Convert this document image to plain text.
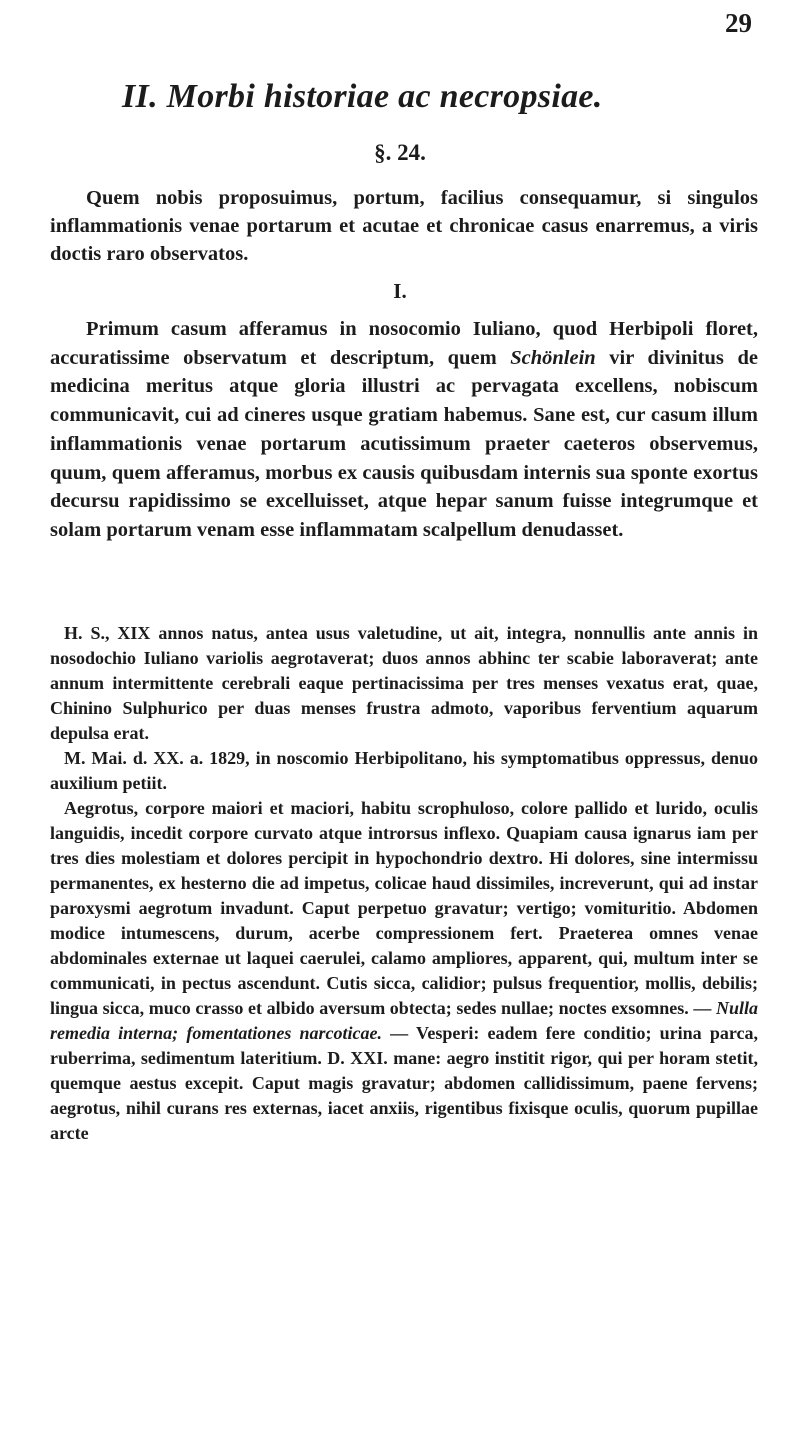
29
II. Morbi historiae ac necropsiae.
§. 24.

Quem nobis proposuimus, portum, facilius consequamur, si singulos inflammationis venae portarum et acutae et chronicae casus enarremus, a viris doctis raro observatos.

I.

Primum casum afferamus in nosocomio Iuliano, quod Herbipoli floret, accuratissime observatum et descriptum, quem Schönlein vir divinitus de medicina meritus atque gloria illustri ac pervagata excellens, nobiscum communicavit, cui ad cineres usque gratiam habemus. Sane est, cur casum illum inflammationis venae portarum acutissimum praeter caeteros observemus, quum, quem afferamus, morbus ex causis quibusdam internis sua sponte exortus decursu rapidissimo se excelluisset, atque hepar sanum fuisse integrumque et solam portarum venam esse inflammatam scalpellum denudasset.

H. S., XIX annos natus, antea usus valetudine, ut ait, integra, nonnullis ante annis in nosodochio Iuliano variolis aegrotaverat; duos annos abhinc ter scabie laboraverat; ante annum intermittente cerebrali eaque pertinacissima per tres menses vexatus erat, quae, Chinino Sulphurico per duas menses frustra admoto, vaporibus ferventium aquarum depulsa erat.

M. Mai. d. XX. a. 1829, in noscomio Herbipolitano, his symptomatibus oppressus, denuo auxilium petiit.

Aegrotus, corpore maiori et maciori, habitu scrophuloso, colore pallido et lurido, oculis languidis, incedit corpore curvato atque introrsus inflexo. Quapiam causa ignarus iam per tres dies molestiam et dolores percipit in hypochondrio dextro. Hi dolores, sine intermissu permanentes, ex hesterno die ad impetus, colicae haud dissimiles, increverunt, qui ad instar paroxysmi aegrotum invadunt. Caput perpetuo gravatur; vertigo; vomituritio. Abdomen modice intumescens, durum, acerbe compressionem fert. Praeterea omnes venae abdominales externae ut laquei caerulei, calamo ampliores, apparent, qui, multum inter se communicati, in pectus ascendunt. Cutis sicca, calidior; pulsus frequentior, mollis, debilis; lingua sicca, muco crasso et albido aversum obtecta; sedes nullae; noctes exsomnes. — Nulla remedia interna; fomentationes narcoticae. — Vesperi: eadem fere conditio; urina parca, ruberrima, sedimentum lateritium. D. XXI. mane: aegro institit rigor, qui per horam stetit, quemque aestus excepit. Caput magis gravatur; abdomen callidissimum, paene fervens; aegrotus, nihil curans res externas, iacet anxiis, rigentibus fixisque oculis, quorum pupillae arcte
